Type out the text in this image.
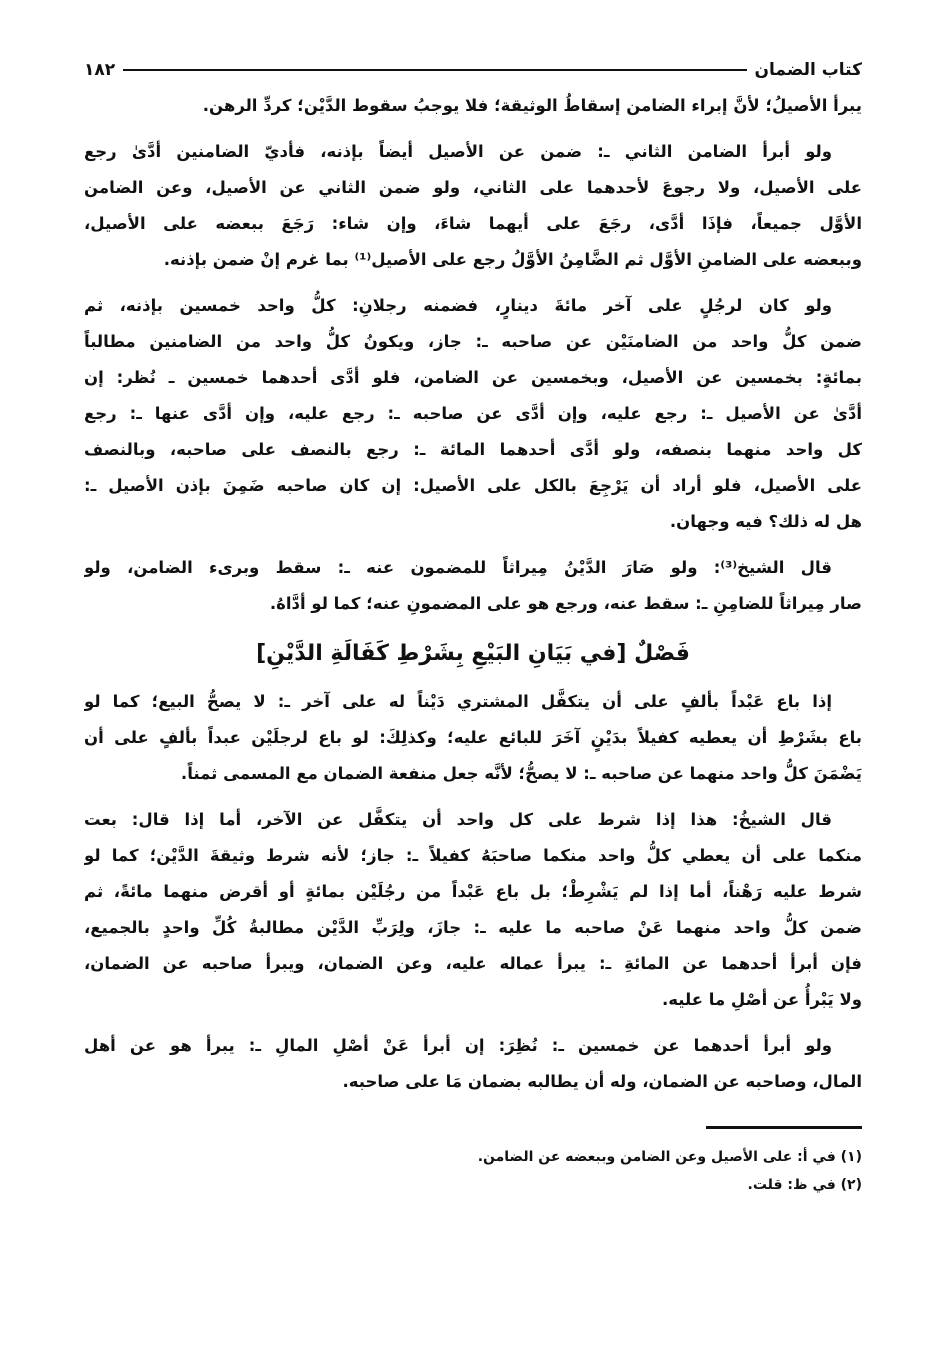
كتاب الضمان
١٨٢
يبرأ الأصيلُ؛ لأنَّ إبراء الضامن إسقاطُ الوثيقة؛ فلا يوجبُ سقوط الدَّيْن؛ كردِّ الرهن.
ولو أبرأ الضامن الثاني ـ: ضمن عن الأصيل أيضاً بإذنه، فأديّ الضامنين أدَّىٰ رجع
على الأصيل، ولا رجوعَ لأحدهما على الثاني، ولو ضمن الثاني عن الأصيل، وعن الضامن
الأوَّل جميعاً، فإذَا أدَّى، رجَعَ على أيهما شاءَ، وإن شاء: رَجَعَ ببعضه على الأصيل،
وببعضه على الضامنِ الأوَّل ثم الضَّامِنُ الأوَّلُ رجع على الأصيل⁽¹⁾ بما غرم إنْ ضمن بإذنه.
ولو كان لرجُلٍ على آخر مائةَ دينارٍ، فضمنه رجلانِ: كلُّ واحد خمسين بإذنه، ثم
ضمن كلُّ واحد من الضامنَيْن عن صاحبه ـ: جاز، ويكونُ كلُّ واحد من الضامنين مطالباً
بمائةٍ: بخمسين عن الأصيل، وبخمسين عن الضامن، فلو أدَّى أحدهما خمسين ـ نُظر: إن
أدَّىٰ عن الأصيل ـ: رجع عليه، وإن أدَّى عن صاحبه ـ: رجع عليه، وإن أدَّى عنها ـ: رجع
كل واحد منهما بنصفه، ولو أدَّى أحدهما المائة ـ: رجع بالنصف على صاحبه، وبالنصف
على الأصيل، فلو أراد أن يَرْجِعَ بالكل على الأصيل: إن كان صاحبه ضَمِنَ بإذن الأصيل ـ:
هل له ذلك؟ فيه وجهان.
قال الشيخ⁽³⁾: ولو صَارَ الدَّيْنُ مِيراثاً للمضمون عنه ـ: سقط وبرىء الضامن، ولو
صار مِيراثاً للضامِنِ ـ: سقط عنه، ورجع هو على المضمونِ عنه؛ كما لو أدَّاهُ.
فَصْلٌ [في بَيَانِ البَيْعِ بِشَرْطِ كَفَالَةِ الدَّيْنِ]
إذا باع عَبْداً بألفٍ على أن يتكفَّل المشتري دَيْناً له على آخر ـ: لا يصحُّ البيع؛ كما لو
باع بشَرْطِ أن يعطيه كفيلاً بدَيْنٍ آخَرَ للبائع عليه؛ وكذلِكَ: لو باع لرجلَيْن عبداً بألفٍ على أن
يَضْمَنَ كلُّ واحد منهما عن صاحبه ـ: لا يصحُّ؛ لأنَّه جعل منفعة الضمان مع المسمى ثمناً.
قال الشيخُ: هذا إذا شرط على كل واحد أن يتكفَّل عن الآخر، أما إذا قال: بعت
منكما على أن يعطي كلُّ واحد منكما صاحبَهُ كفيلاً ـ: جاز؛ لأنه شرط وثيقةَ الدَّيْن؛ كما لو
شرط عليه رَهْناً، أما إذا لم يَشْرِطْ؛ بل باع عَبْداً من رجُلَيْن بمائةٍ أو أقرض منهما مائةً، ثم
ضمن كلُّ واحد منهما عَنْ صاحبه ما عليه ـ: جازَ، ولِرَبِّ الدَّيْن مطالبةُ كُلِّ واحدٍ بالجميع،
فإن أبرأ أحدهما عن المائةِ ـ: يبرأ عماله عليه، وعن الضمان، ويبرأ صاحبه عن الضمان،
ولا يَبْرأُ عن أصْلِ ما عليه.
ولو أبرأ أحدهما عن خمسين ـ: نُظِرَ: إن أبرأ عَنْ أصْلِ المالِ ـ: يبرأ هو عن أهل
المال، وصاحبه عن الضمان، وله أن يطالبه بضمان مَا على صاحبه.
(١) في أ: على الأصيل وعن الضامن وببعضه عن الضامن.
(٢) في ظ: قلت.
